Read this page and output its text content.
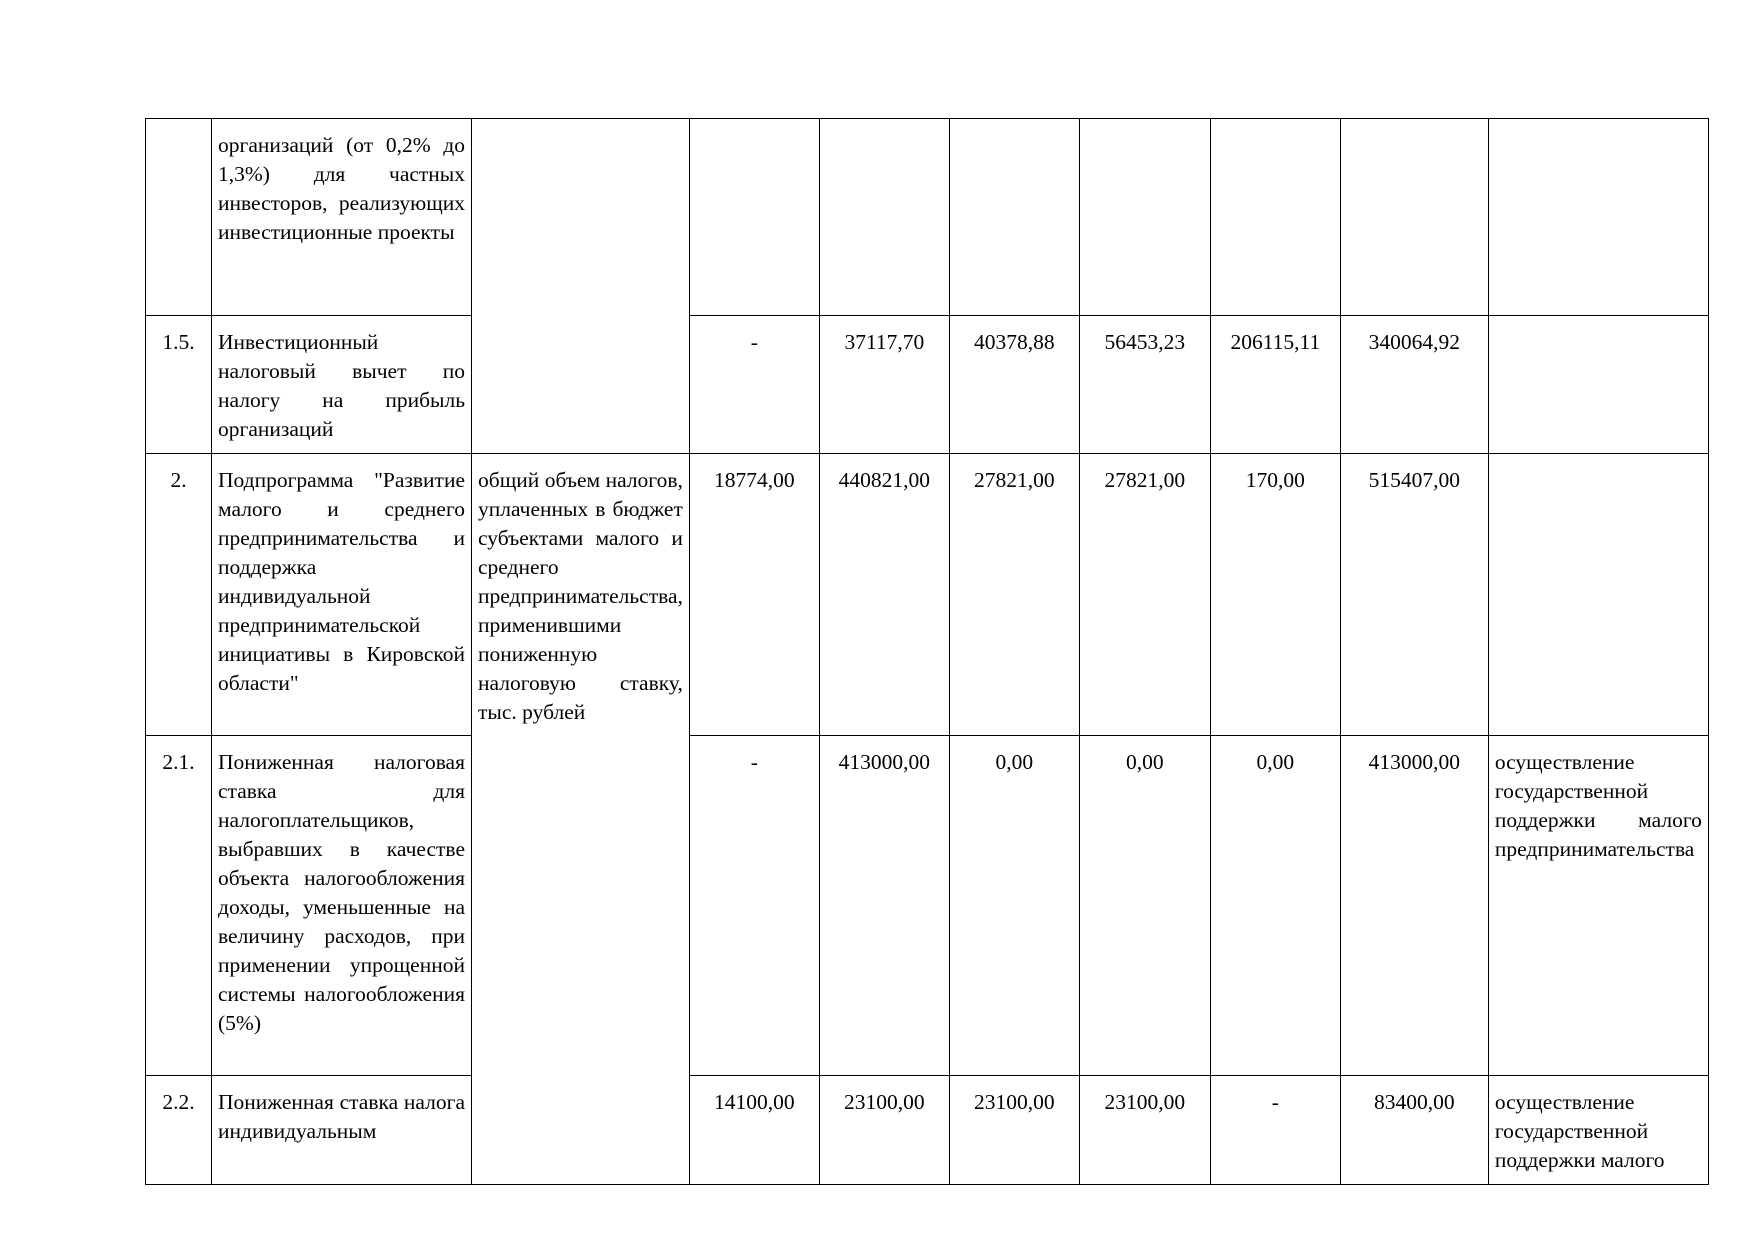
	организаций (от 0,2% до 1,3%) для частных инвесторов, реализующих инвестиционные проекты								
1.5.	Инвестиционный налоговый вычет по налогу на прибыль организаций		-	37117,70	40378,88	56453,23	206115,11	340064,92	
2.	Подпрограмма "Развитие малого и среднего предпринимательства и поддержка индивидуальной предпринимательской инициативы в Кировской области"	общий объем налогов, уплаченных в бюджет субъектами малого и среднего предпринимательства, применившими пониженную налоговую ставку, тыс. рублей	18774,00	440821,00	27821,00	27821,00	170,00	515407,00	
2.1.	Пониженная налоговая ставка для налогоплательщиков, выбравших в качестве объекта налогообложения доходы, уменьшенные на величину расходов, при применении упрощенной системы налогообложения (5%)		-	413000,00	0,00	0,00	0,00	413000,00	осуществление государственной поддержки малого предпринимательства
2.2.	Пониженная ставка налога индивидуальным		14100,00	23100,00	23100,00	23100,00	-	83400,00	осуществление государственной поддержки малого
